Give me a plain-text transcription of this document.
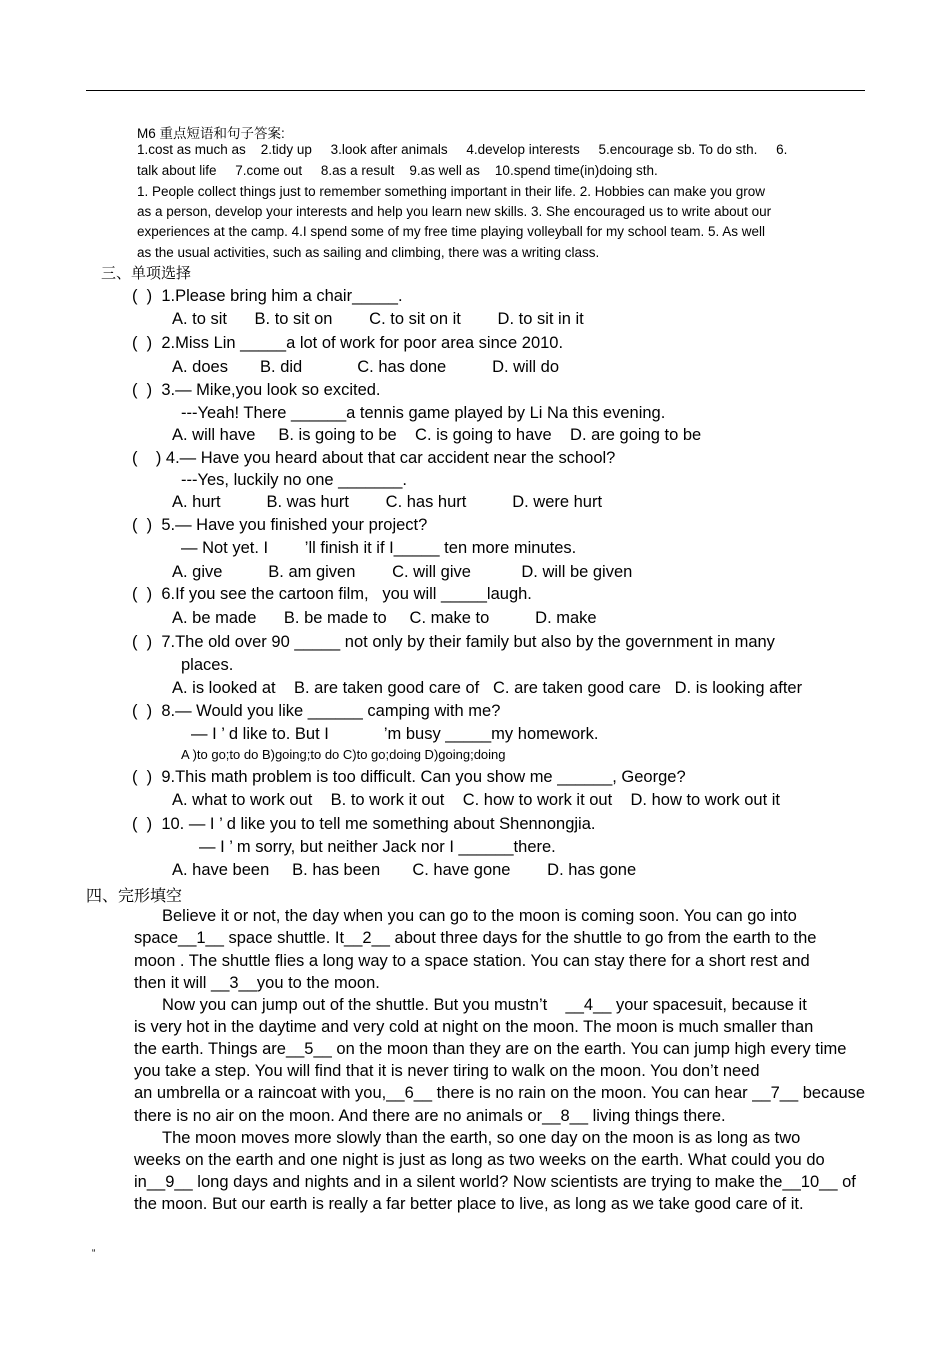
M6 重点短语和句子答案:
1.cost as much as    2.tidy up     3.look after animals     4.develop interests     5.encourage sb. To do sth.     6.
talk about life     7.come out     8.as a result    9.as well as    10.spend time(in)doing sth.
1. People collect things just to remember something important in their life. 2. Hobbies can make you grow
as a person, develop your interests and help you learn new skills. 3. She encouraged us to write about our
experiences at the camp. 4.I spend some of my free time playing volleyball for my school team. 5. As well
as the usual activities, such as sailing and climbing, there was a writing class.
三、单项选择
(  )  1.Please bring him a chair_____.
A. to sit      B. to sit on        C. to sit on it        D. to sit in it
(  )  2.Miss Lin _____a lot of work for poor area since 2010.
A. does       B. did            C. has done          D. will do
(  )  3.— Mike,you look so excited.
---Yeah! There ______a tennis game played by Li Na this evening.
A. will have     B. is going to be    C. is going to have    D. are going to be
(    ) 4.— Have you heard about that car accident near the school?
---Yes, luckily no one _______.
A. hurt          B. was hurt        C. has hurt          D. were hurt
(  )  5.— Have you finished your project?
— Not yet. I        ’ll finish it if I_____ ten more minutes.
A. give          B. am given        C. will give           D. will be given
(  )  6.If you see the cartoon film,   you will _____laugh.
A. be made      B. be made to     C. make to          D. make
(  )  7.The old over 90 _____ not only by their family but also by the government in many
places.
A. is looked at    B. are taken good care of   C. are taken good care   D. is looking after
(  )  8.— Would you like ______ camping with me?
— I ’ d like to. But I            ’m busy _____my homework.
A )to go;to do B)going;to do C)to go;doing D)going;doing
(  )  9.This math problem is too difficult. Can you show me ______, George?
A. what to work out    B. to work it out    C. how to work it out    D. how to work out it
(  )  10. — I ’ d like you to tell me something about Shennongjia.
— I ’ m sorry, but neither Jack nor I ______there.
A. have been     B. has been       C. have gone        D. has gone
四、完形填空
Believe it or not, the day when you can go to the moon is coming soon. You can go into
space__1__ space shuttle. It__2__ about three days for the shuttle to go from the earth to the
moon . The shuttle flies a long way to a space station. You can stay there for a short rest and
then it will __3__you to the moon.
Now you can jump out of the shuttle. But you mustn’t    __4__ your spacesuit, because it
is very hot in the daytime and very cold at night on the moon. The moon is much smaller than
the earth. Things are__5__ on the moon than they are on the earth. You can jump high every time
you take a step. You will find that it is never tiring to walk on the moon. You don’t need
an umbrella or a raincoat with you,__6__ there is no rain on the moon. You can hear __7__ because
there is no air on the moon. And there are no animals or__8__ living things there.
The moon moves more slowly than the earth, so one day on the moon is as long as two
weeks on the earth and one night is just as long as two weeks on the earth. What could you do
in__9__ long days and nights and in a silent world? Now scientists are trying to make the__10__ of
the moon. But our earth is really a far better place to live, as long as we take good care of it.
“
